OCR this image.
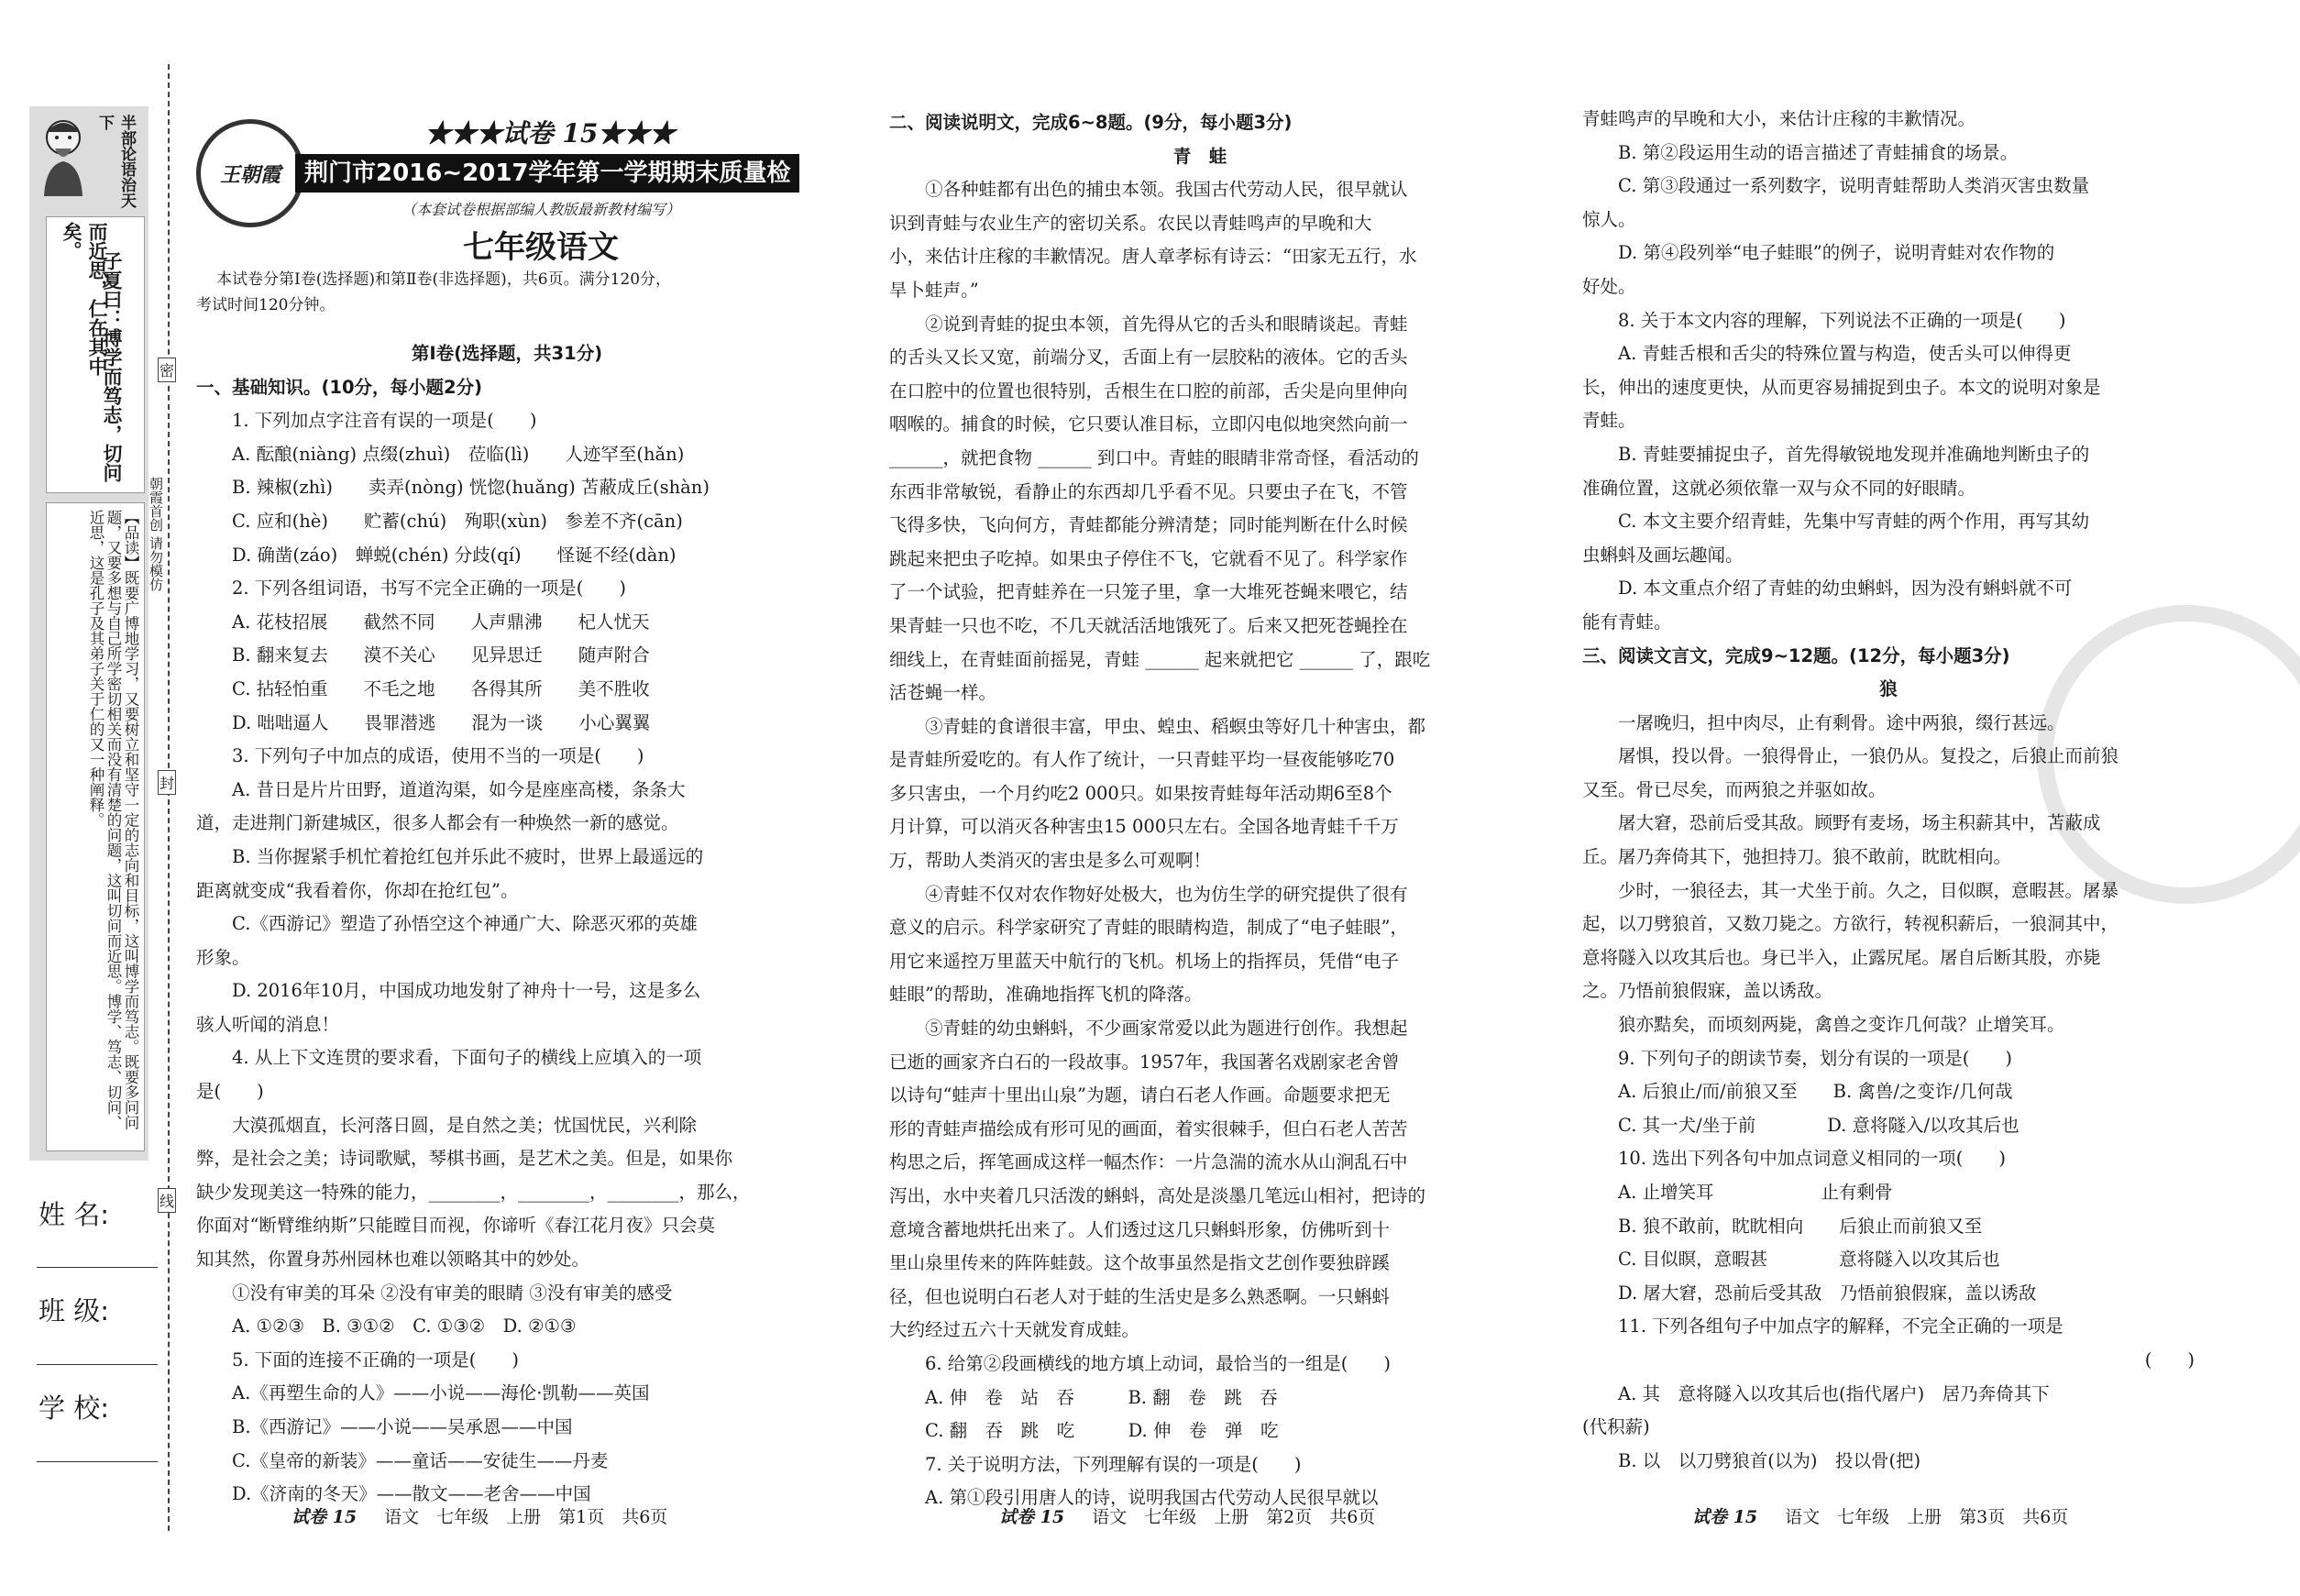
半部论语治天下
子夏曰：博学而笃志，切问
而近思，仁在其中矣。
【品读】既要广博地学习，又要树立和坚守一定的志向和目标，这叫博学而笃志。既要多问问题，又要多想与自己所学密切相关而没有清楚的问题，这叫切问而近思。博学、笃志、切问、近思，这是孔子及其弟子关于仁的又一种阐释。
姓 名:
班 级:
学 校:
密
封
线
朝霞首创 请勿模仿
王朝霞
★★★试卷 15★★★
荆门市2016~2017学年第一学期期末质量检测试卷	（本套试卷根据部编人教版最新教材编写）
七年级语文
本试卷分第Ⅰ卷(选择题)和第Ⅱ卷(非选择题)，共6页。满分120分，
考试时间120分钟。

第Ⅰ卷(选择题，共31分)

一、基础知识。(10分，每小题2分)

1. 下列加点字注音有误的一项是(　　)

A. 酝酿(niàng) 点缀(zhuì)　莅临(lì)　　人迹罕至(hǎn)

B. 辣椒(zhì)　　卖弄(nòng) 恍惚(huǎng) 苫蔽成丘(shàn)

C. 应和(hè)　　贮蓄(chú)　殉职(xùn)　参差不齐(cān)

D. 确凿(záo)　蝉蜕(chén) 分歧(qí)　　怪诞不经(dàn)

2. 下列各组词语，书写不完全正确的一项是(　　)

A. 花枝招展　　截然不同　　人声鼎沸　　杞人忧天

B. 翻来复去　　漠不关心　　见异思迁　　随声附合

C. 拈轻怕重　　不毛之地　　各得其所　　美不胜收

D. 咄咄逼人　　畏罪潜逃　　混为一谈　　小心翼翼

3. 下列句子中加点的成语，使用不当的一项是(　　)

A. 昔日是片片田野，道道沟渠，如今是座座高楼，条条大

道，走进荆门新建城区，很多人都会有一种焕然一新的感觉。

B. 当你握紧手机忙着抢红包并乐此不疲时，世界上最遥远的

距离就变成“我看着你，你却在抢红包”。

C.《西游记》塑造了孙悟空这个神通广大、除恶灭邪的英雄

形象。

D. 2016年10月，中国成功地发射了神舟十一号，这是多么

骇人听闻的消息！

4. 从上下文连贯的要求看，下面句子的横线上应填入的一项

是(　　)

大漠孤烟直，长河落日圆，是自然之美；忧国忧民，兴利除

弊，是社会之美；诗词歌赋，琴棋书画，是艺术之美。但是，如果你

缺少发现美这一特殊的能力，________，________，________，那么，

你面对“断臂维纳斯”只能瞠目而视，你谛听《春江花月夜》只会莫

知其然，你置身苏州园林也难以领略其中的妙处。

①没有审美的耳朵 ②没有审美的眼睛 ③没有审美的感受

A. ①②③　B. ③①②　C. ①③②　D. ②①③

5. 下面的连接不正确的一项是(　　)

A.《再塑生命的人》——小说——海伦·凯勒——英国

B.《西游记》——小说——吴承恩——中国

C.《皇帝的新装》——童话——安徒生——丹麦

D.《济南的冬天》——散文——老舍——中国

二、阅读说明文，完成6~8题。(9分，每小题3分)

青　蛙

①各种蛙都有出色的捕虫本领。我国古代劳动人民，很早就认

识到青蛙与农业生产的密切关系。农民以青蛙鸣声的早晚和大

小，来估计庄稼的丰歉情况。唐人章孝标有诗云：“田家无五行，水

旱卜蛙声。”

②说到青蛙的捉虫本领，首先得从它的舌头和眼睛谈起。青蛙

的舌头又长又宽，前端分叉，舌面上有一层胶粘的液体。它的舌头

在口腔中的位置也很特别，舌根生在口腔的前部，舌尖是向里伸向

咽喉的。捕食的时候，它只要认准目标，立即闪电似地突然向前一

______，就把食物 ______ 到口中。青蛙的眼睛非常奇怪，看活动的

东西非常敏锐，看静止的东西却几乎看不见。只要虫子在飞，不管

飞得多快，飞向何方，青蛙都能分辨清楚；同时能判断在什么时候

跳起来把虫子吃掉。如果虫子停住不飞，它就看不见了。科学家作

了一个试验，把青蛙养在一只笼子里，拿一大堆死苍蝇来喂它，结

果青蛙一只也不吃，不几天就活活地饿死了。后来又把死苍蝇拴在

细线上，在青蛙面前摇晃，青蛙 ______ 起来就把它 ______ 了，跟吃

活苍蝇一样。

③青蛙的食谱很丰富，甲虫、蝗虫、稻螟虫等好几十种害虫，都

是青蛙所爱吃的。有人作了统计，一只青蛙平均一昼夜能够吃70

多只害虫，一个月约吃2 000只。如果按青蛙每年活动期6至8个

月计算，可以消灭各种害虫15 000只左右。全国各地青蛙千千万

万，帮助人类消灭的害虫是多么可观啊！

④青蛙不仅对农作物好处极大，也为仿生学的研究提供了很有

意义的启示。科学家研究了青蛙的眼睛构造，制成了“电子蛙眼”，

用它来遥控万里蓝天中航行的飞机。机场上的指挥员，凭借“电子

蛙眼”的帮助，准确地指挥飞机的降落。

⑤青蛙的幼虫蝌蚪，不少画家常爱以此为题进行创作。我想起

已逝的画家齐白石的一段故事。1957年，我国著名戏剧家老舍曾

以诗句“蛙声十里出山泉”为题，请白石老人作画。命题要求把无

形的青蛙声描绘成有形可见的画面，着实很棘手，但白石老人苦苦

构思之后，挥笔画成这样一幅杰作：一片急湍的流水从山涧乱石中

泻出，水中夹着几只活泼的蝌蚪，高处是淡墨几笔远山相衬，把诗的

意境含蓄地烘托出来了。人们透过这几只蝌蚪形象，仿佛听到十

里山泉里传来的阵阵蛙鼓。这个故事虽然是指文艺创作要独辟蹊

径，但也说明白石老人对于蛙的生活史是多么熟悉啊。一只蝌蚪

大约经过五六十天就发育成蛙。

6. 给第②段画横线的地方填上动词，最恰当的一组是(　　)

A. 伸　卷　站　吞　　　B. 翻　卷　跳　吞

C. 翻　吞　跳　吃　　　D. 伸　卷　弹　吃

7. 关于说明方法，下列理解有误的一项是(　　)

A. 第①段引用唐人的诗，说明我国古代劳动人民很早就以

青蛙鸣声的早晚和大小，来估计庄稼的丰歉情况。

B. 第②段运用生动的语言描述了青蛙捕食的场景。

C. 第③段通过一系列数字，说明青蛙帮助人类消灭害虫数量

惊人。

D. 第④段列举“电子蛙眼”的例子，说明青蛙对农作物的

好处。

8. 关于本文内容的理解，下列说法不正确的一项是(　　)

A. 青蛙舌根和舌尖的特殊位置与构造，使舌头可以伸得更

长，伸出的速度更快，从而更容易捕捉到虫子。本文的说明对象是

青蛙。

B. 青蛙要捕捉虫子，首先得敏锐地发现并准确地判断虫子的

准确位置，这就必须依靠一双与众不同的好眼睛。

C. 本文主要介绍青蛙，先集中写青蛙的两个作用，再写其幼

虫蝌蚪及画坛趣闻。

D. 本文重点介绍了青蛙的幼虫蝌蚪，因为没有蝌蚪就不可

能有青蛙。

三、阅读文言文，完成9~12题。(12分，每小题3分)

狼

一屠晚归，担中肉尽，止有剩骨。途中两狼，缀行甚远。

屠惧，投以骨。一狼得骨止，一狼仍从。复投之，后狼止而前狼

又至。骨已尽矣，而两狼之并驱如故。

屠大窘，恐前后受其敌。顾野有麦场，场主积薪其中，苫蔽成

丘。屠乃奔倚其下，弛担持刀。狼不敢前，眈眈相向。

少时，一狼径去，其一犬坐于前。久之，目似瞑，意暇甚。屠暴

起，以刀劈狼首，又数刀毙之。方欲行，转视积薪后，一狼洞其中，

意将隧入以攻其后也。身已半入，止露尻尾。屠自后断其股，亦毙

之。乃悟前狼假寐，盖以诱敌。

狼亦黠矣，而顷刻两毙，禽兽之变诈几何哉？止增笑耳。

9. 下列句子的朗读节奏，划分有误的一项是(　　)

A. 后狼止/而/前狼又至　　B. 禽兽/之变诈/几何哉

C. 其一犬/坐于前　　　　D. 意将隧入/以攻其后也

10. 选出下列各句中加点词意义相同的一项(　　)

A. 止增笑耳　　　　　　止有剩骨

B. 狼不敢前，眈眈相向　　后狼止而前狼又至

C. 目似瞑，意暇甚　　　　意将隧入以攻其后也

D. 屠大窘，恐前后受其敌　乃悟前狼假寐，盖以诱敌

11. 下列各组句子中加点字的解释，不完全正确的一项是

(　　)

A. 其　意将隧入以攻其后也(指代屠户)　居乃奔倚其下

(代积薪)

B. 以　以刀劈狼首(以为)　投以骨(把)

试卷 15 语文　七年级　上册　第1页　共6页	试卷 15 语文　七年级　上册　第2页　共6页	试卷 15 语文　七年级　上册　第3页　共6页
